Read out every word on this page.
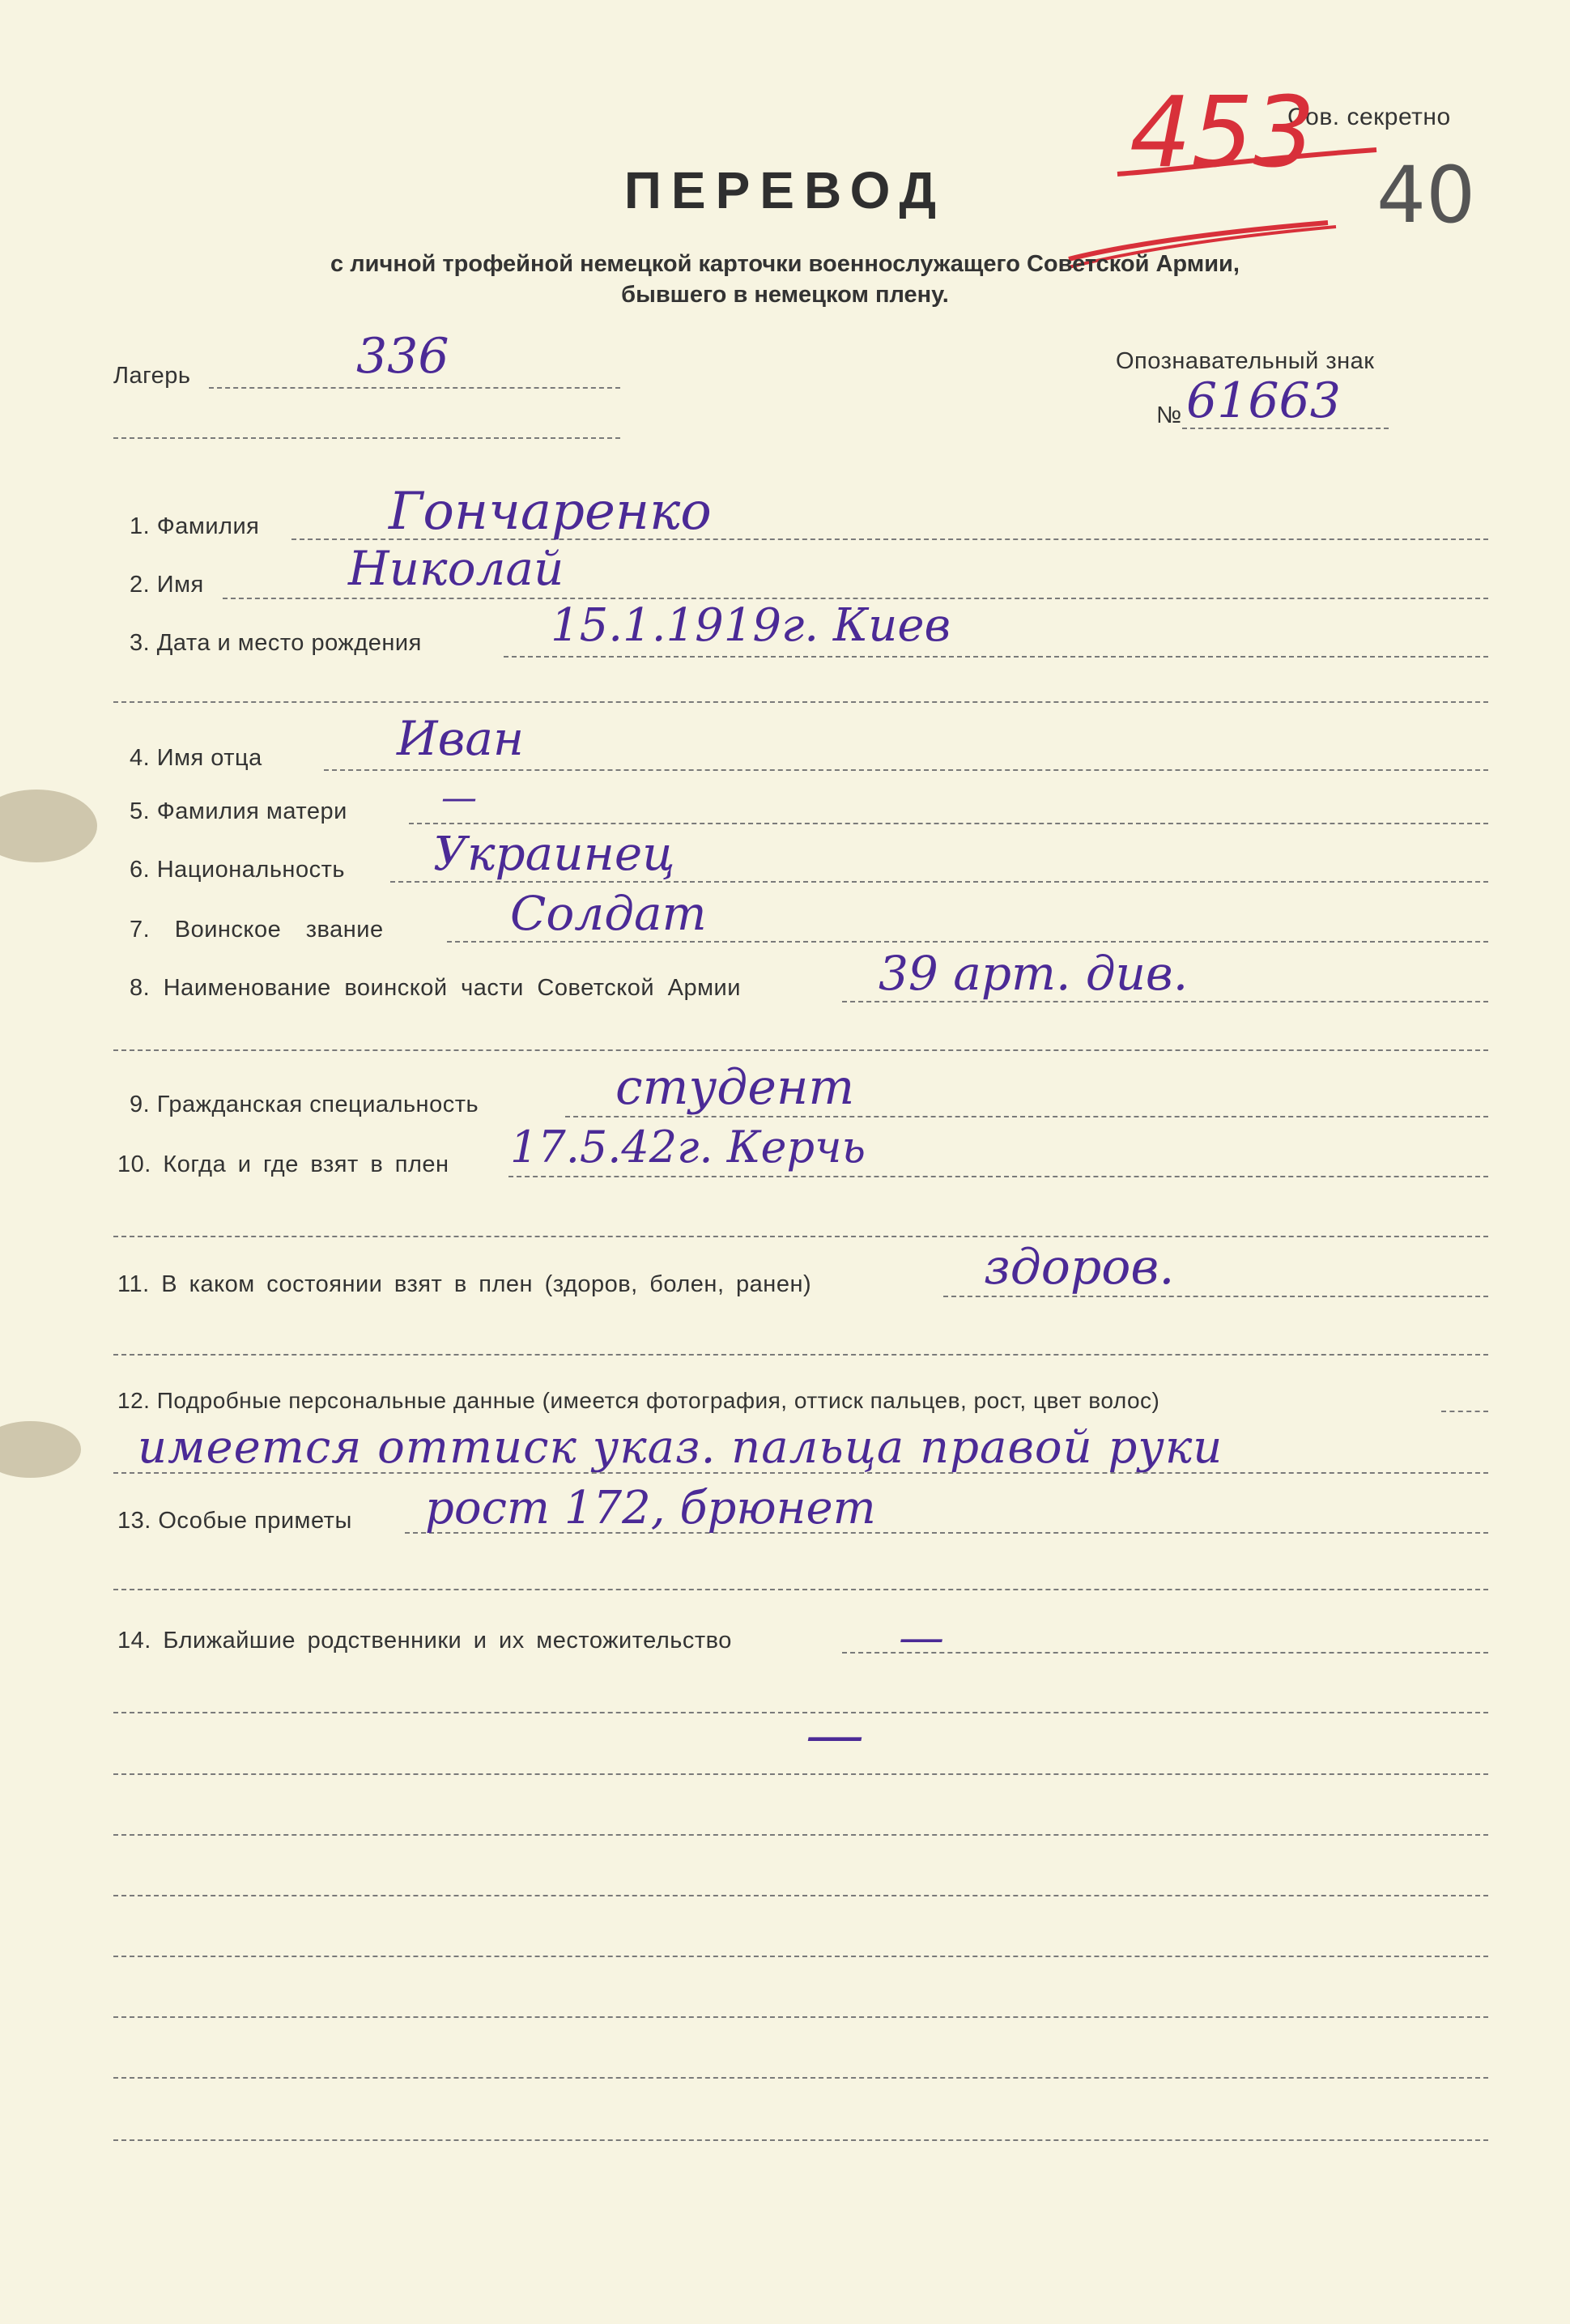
Сов. секретно
453
40
ПЕРЕВОД
с личной трофейной немецкой карточки военнослужащего Советской Армии,
бывшего в немецком плену.
Лагерь	336	Опознавательный знак
№ 61663
1. Фамилия Гончаренко
2. Имя	Николай
3. Дата и место рождения	15.1.1919г. Киев
4. Имя отца	Иван
5. Фамилия матери	—
6. Национальность Украинец
7. Воинское звание	Солдат
8. Наименование воинской части Советской Армии	39 арт. див.
9. Гражданская специальность	студент
10. Когда и где взят в плен 17.5.42г. Керчь
11. В каком состоянии взят в плен (здоров, болен, ранен)	здоров.
12. Подробные персональные данные (имеется фотография, оттиск пальцев, рост, цвет волос)
имеется оттиск указ. пальца правой руки
13. Особые приметы рост 172, брюнет
14. Ближайшие родственники и их местожительство	—
—
